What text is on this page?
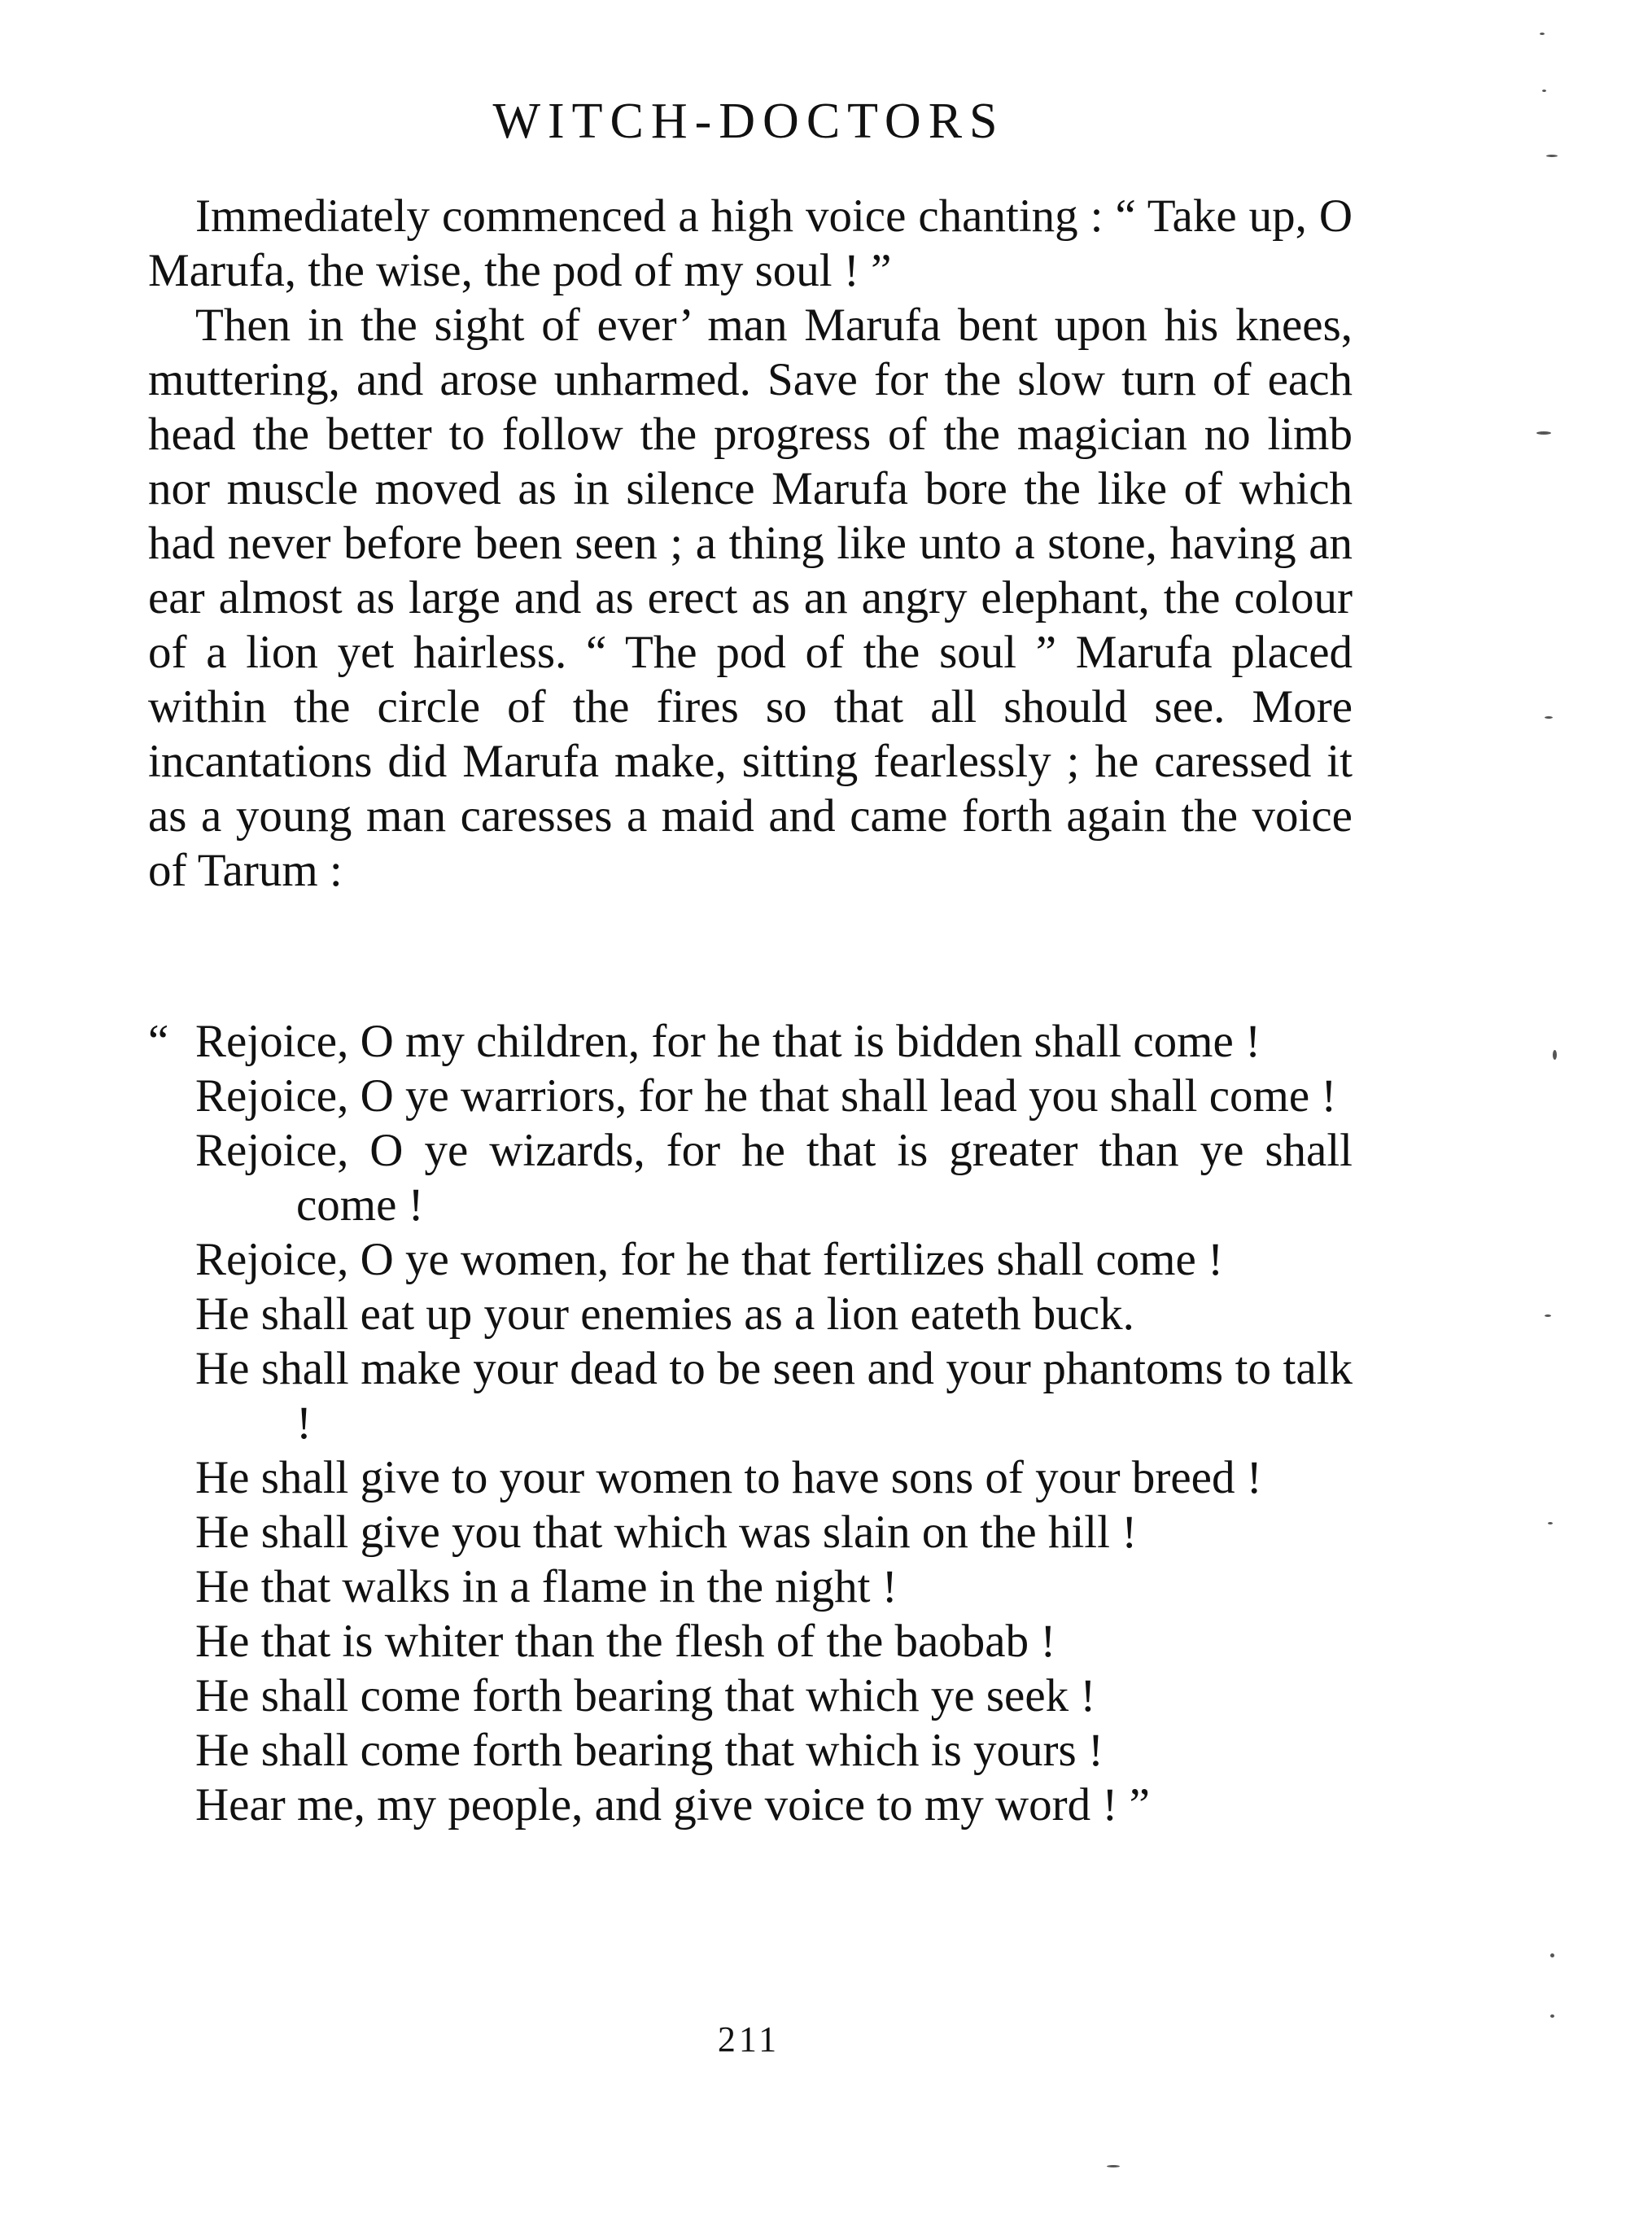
WITCH-DOCTORS

Immediately commenced a high voice chanting : “ Take up, O Marufa, the wise, the pod of my soul ! ”

Then in the sight of ever’ man Marufa bent upon his knees, muttering, and arose unharmed. Save for the slow turn of each head the better to follow the progress of the magician no limb nor muscle moved as in silence Marufa bore the like of which had never before been seen ; a thing like unto a stone, having an ear almost as large and as erect as an angry elephant, the colour of a lion yet hairless. “ The pod of the soul ” Marufa placed within the circle of the fires so that all should see. More incantations did Marufa make, sitting fearlessly ; he caressed it as a young man caresses a maid and came forth again the voice of Tarum :

“ Rejoice, O my children, for he that is bidden shall come !

Rejoice, O ye warriors, for he that shall lead you shall come !

Rejoice, O ye wizards, for he that is greater than ye shall come !

Rejoice, O ye women, for he that fertilizes shall come !

He shall eat up your enemies as a lion eateth buck.

He shall make your dead to be seen and your phantoms to talk !

He shall give to your women to have sons of your breed !

He shall give you that which was slain on the hill !

He that walks in a flame in the night !

He that is whiter than the flesh of the baobab !

He shall come forth bearing that which ye seek !

He shall come forth bearing that which is yours !

Hear me, my people, and give voice to my word ! ”

211
